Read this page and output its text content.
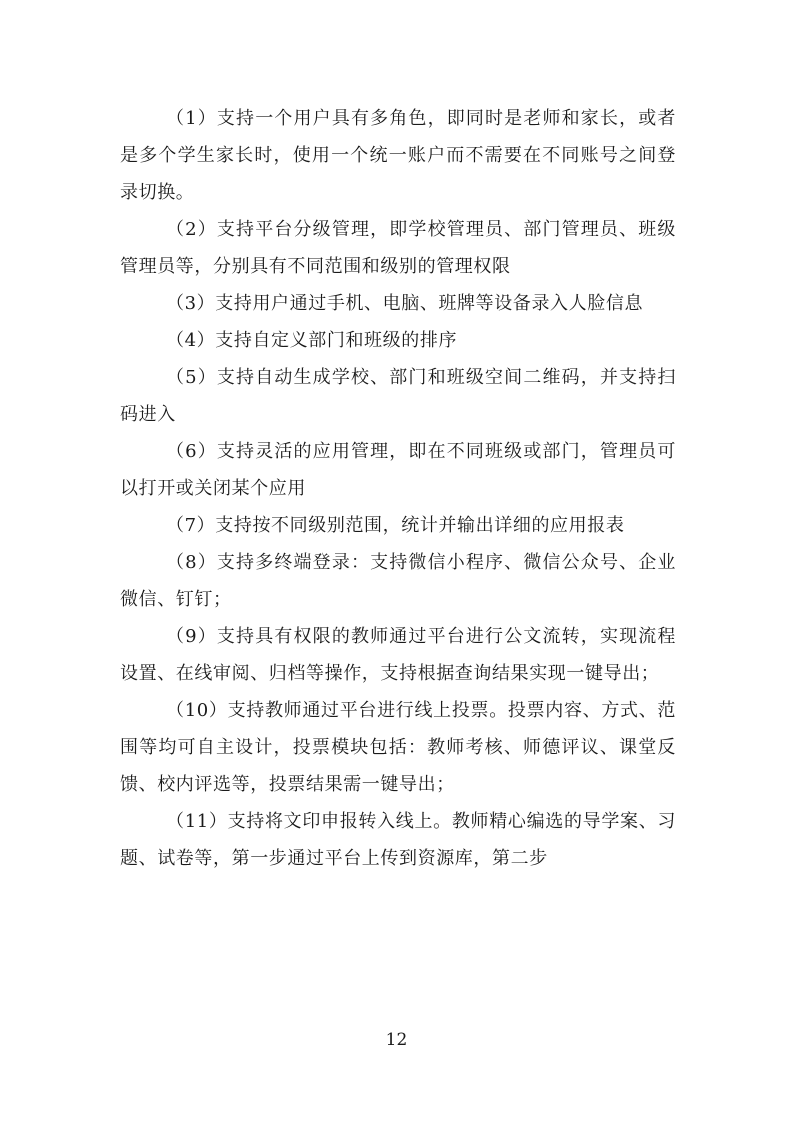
（1）支持一个用户具有多角色，即同时是老师和家长，或者是多个学生家长时，使用一个统一账户而不需要在不同账号之间登录切换。

（2）支持平台分级管理，即学校管理员、部门管理员、班级管理员等，分别具有不同范围和级别的管理权限

（3）支持用户通过手机、电脑、班牌等设备录入人脸信息

（4）支持自定义部门和班级的排序

（5）支持自动生成学校、部门和班级空间二维码，并支持扫码进入

（6）支持灵活的应用管理，即在不同班级或部门，管理员可以打开或关闭某个应用

（7）支持按不同级别范围，统计并输出详细的应用报表

（8）支持多终端登录：支持微信小程序、微信公众号、企业微信、钉钉；

（9）支持具有权限的教师通过平台进行公文流转，实现流程设置、在线审阅、归档等操作，支持根据查询结果实现一键导出；

（10）支持教师通过平台进行线上投票。投票内容、方式、范围等均可自主设计，投票模块包括：教师考核、师德评议、课堂反馈、校内评选等，投票结果需一键导出；

（11）支持将文印申报转入线上。教师精心编选的导学案、习题、试卷等，第一步通过平台上传到资源库，第二步

12
